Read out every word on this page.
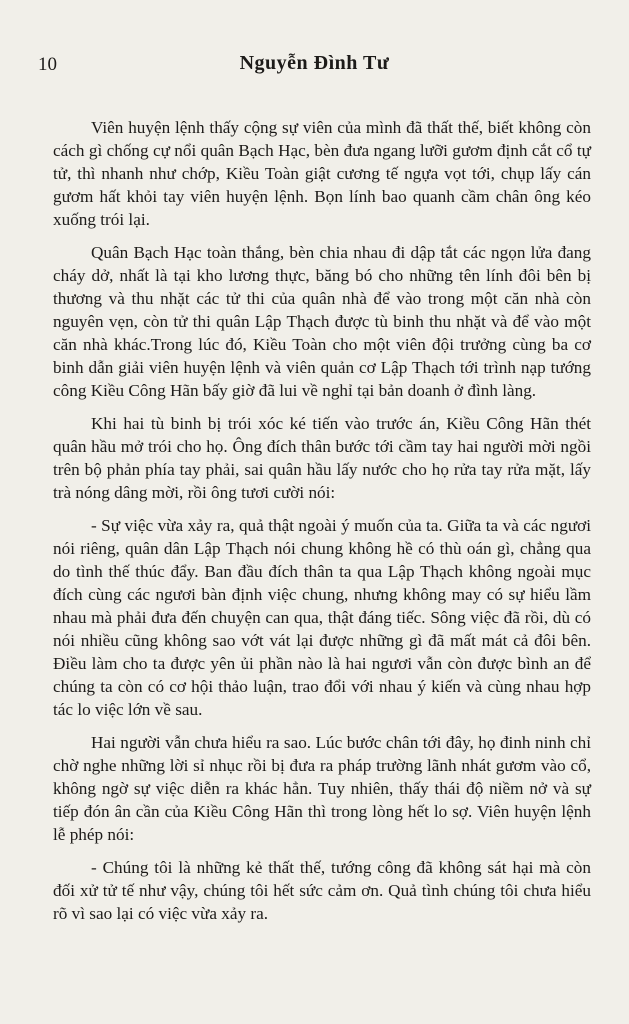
10	Nguyễn Đình Tư

Viên huyện lệnh thấy cộng sự viên của mình đã thất thế, biết không còn cách gì chống cự nổi quân Bạch Hạc, bèn đưa ngang lưỡi gươm định cắt cổ tự tử, thì nhanh như chớp, Kiều Toàn giật cương tế ngựa vọt tới, chụp lấy cán gươm hất khỏi tay viên huyện lệnh. Bọn lính bao quanh cầm chân ông kéo xuống trói lại.

Quân Bạch Hạc toàn thắng, bèn chia nhau đi dập tắt các ngọn lửa đang cháy dở, nhất là tại kho lương thực, băng bó cho những tên lính đôi bên bị thương và thu nhặt các tử thi của quân nhà để vào trong một căn nhà còn nguyên vẹn, còn tử thi quân Lập Thạch được tù binh thu nhặt và để vào một căn nhà khác.Trong lúc đó, Kiều Toàn cho một viên đội trưởng cùng ba cơ binh dẫn giải viên huyện lệnh và viên quản cơ Lập Thạch tới trình nạp tướng công Kiều Công Hãn bấy giờ đã lui về nghỉ tại bản doanh ở đình làng.

Khi hai tù binh bị trói xóc ké tiến vào trước án, Kiều Công Hãn thét quân hầu mở trói cho họ. Ông đích thân bước tới cầm tay hai người mời ngồi trên bộ phản phía tay phải, sai quân hầu lấy nước cho họ rửa tay rửa mặt, lấy trà nóng dâng mời, rồi ông tươi cười nói:

- Sự việc vừa xảy ra, quả thật ngoài ý muốn của ta. Giữa ta và các ngươi nói riêng, quân dân Lập Thạch nói chung không hề có thù oán gì, chẳng qua do tình thế thúc đẩy. Ban đầu đích thân ta qua Lập Thạch không ngoài mục đích cùng các ngươi bàn định việc chung, nhưng không may có sự hiểu lầm nhau mà phải đưa đến chuyện can qua, thật đáng tiếc. Sông việc đã rồi, dù có nói nhiều cũng không sao vớt vát lại được những gì đã mất mát cả đôi bên. Điều làm cho ta được yên ủi phần nào là hai ngươi vẫn còn được bình an để chúng ta còn có cơ hội thảo luận, trao đổi với nhau ý kiến và cùng nhau hợp tác lo việc lớn về sau.

Hai người vẫn chưa hiểu ra sao. Lúc bước chân tới đây, họ đinh ninh chỉ chờ nghe những lời sỉ nhục rồi bị đưa ra pháp trường lãnh nhát gươm vào cổ, không ngờ sự việc diễn ra khác hẳn. Tuy nhiên, thấy thái độ niềm nở và sự tiếp đón ân cần của Kiều Công Hãn thì trong lòng hết lo sợ. Viên huyện lệnh lễ phép nói:

- Chúng tôi là những kẻ thất thế, tướng công đã không sát hại mà còn đối xử tử tế như vậy, chúng tôi hết sức cảm ơn. Quả tình chúng tôi chưa hiểu rõ vì sao lại có việc vừa xảy ra.
